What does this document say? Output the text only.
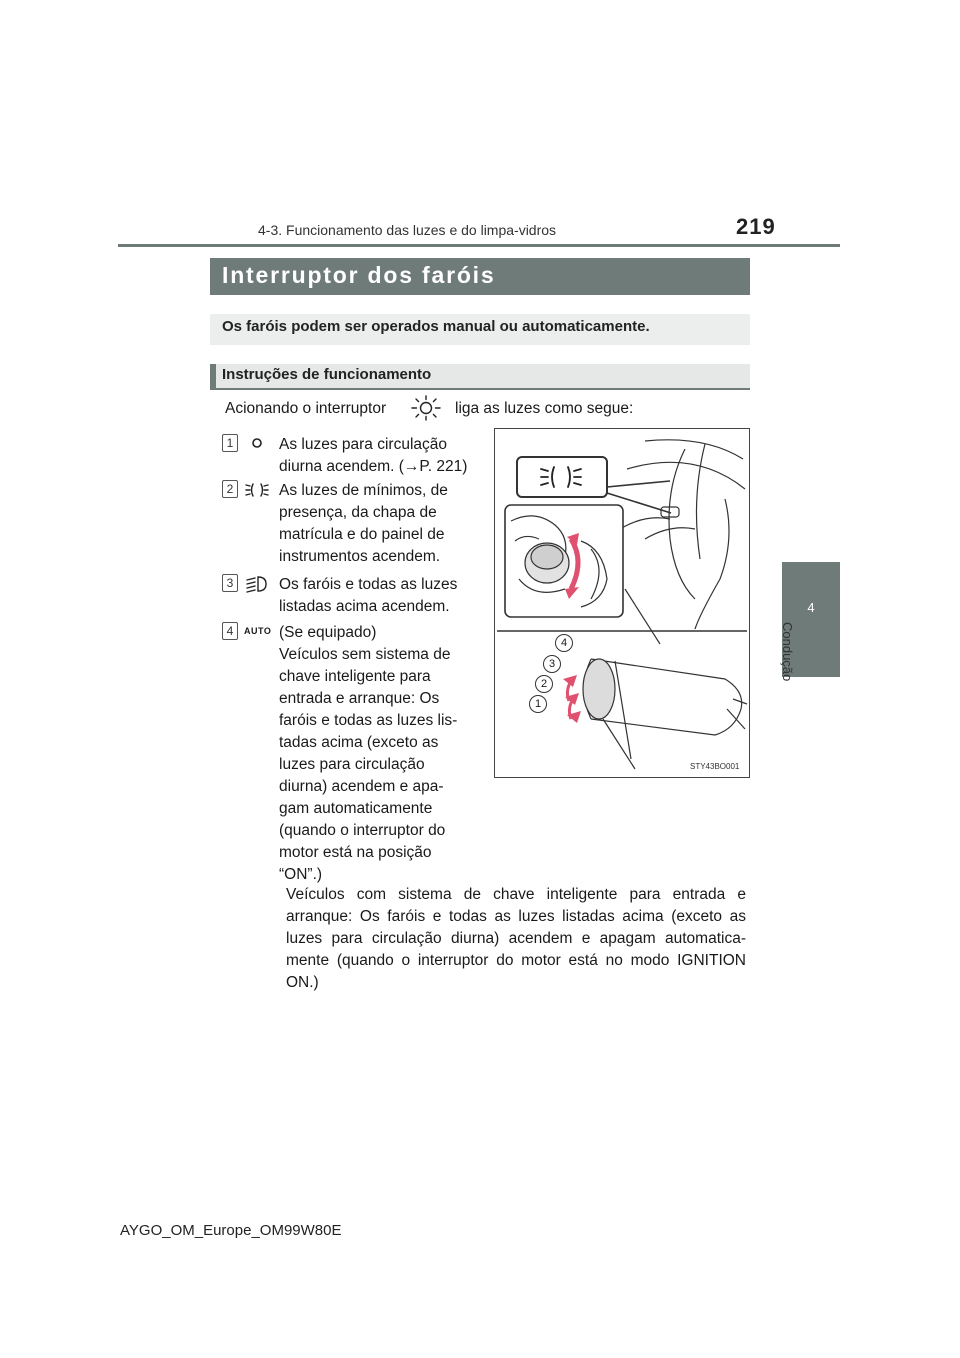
4-3. Funcionamento das luzes e do limpa-vidros	219
4
Condução
Interruptor dos faróis
Os faróis podem ser operados manual ou automaticamente.
Instruções de funcionamento
Acionando o interruptor	liga as luzes como segue:
1	As luzes para circulação
diurna acendem. (→P. 221)
2	As luzes de mínimos, de
presença, da chapa de
matrícula e do painel de
instrumentos acendem.
3	Os faróis e todas as luzes
listadas acima acendem.
4	AUTO (Se equipado)
Veículos sem sistema de
chave inteligente para
entrada e arranque: Os
faróis e todas as luzes lis-
tadas acima (exceto as
luzes para circulação
diurna) acendem e apa-
gam automaticamente
(quando o interruptor do
motor está na posição
“ON”.)
Veículos com sistema de chave inteligente para entrada e
arranque: Os faróis e todas as luzes listadas acima (exceto as
luzes para circulação diurna) acendem e apagam automatica-
mente (quando o interruptor do motor está no modo IGNITION
ON.)
4
3
2
1
STY43BO001
AYGO_OM_Europe_OM99W80E
